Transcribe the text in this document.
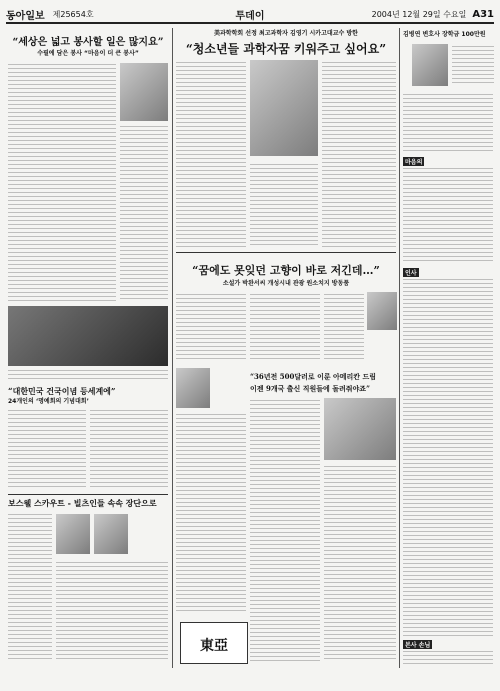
동아일보 제25654호	투데이	2004년 12월 29일 수요일 A31
“세상은 넓고 봉사할 일은 많지요”
수필에 담은 봉사 “마음이 더 큰 봉사”
美과학학회 선정 최고과학자 김영기 시카고대교수 방한
“청소년들 과학자꿈 키워주고 싶어요”
김병연 변호사 장학금 100만원
마음의
인사
본사 손님
“꿈에도 못잊던 고향이 바로 저긴데…”
소설가 박완서씨 개성시내 관광 원소치지 방동품
“대한민국 건국이념 등세계에”
24개인의 ‘명예회의 기념대회’
보스웰 스카우트 - 빌츠인들 속속 장단으로
“36년전 500달러로 이룬 아메리칸 드림
이젠 9개국 출신 직원들에 돌려줘야죠”
東亞
